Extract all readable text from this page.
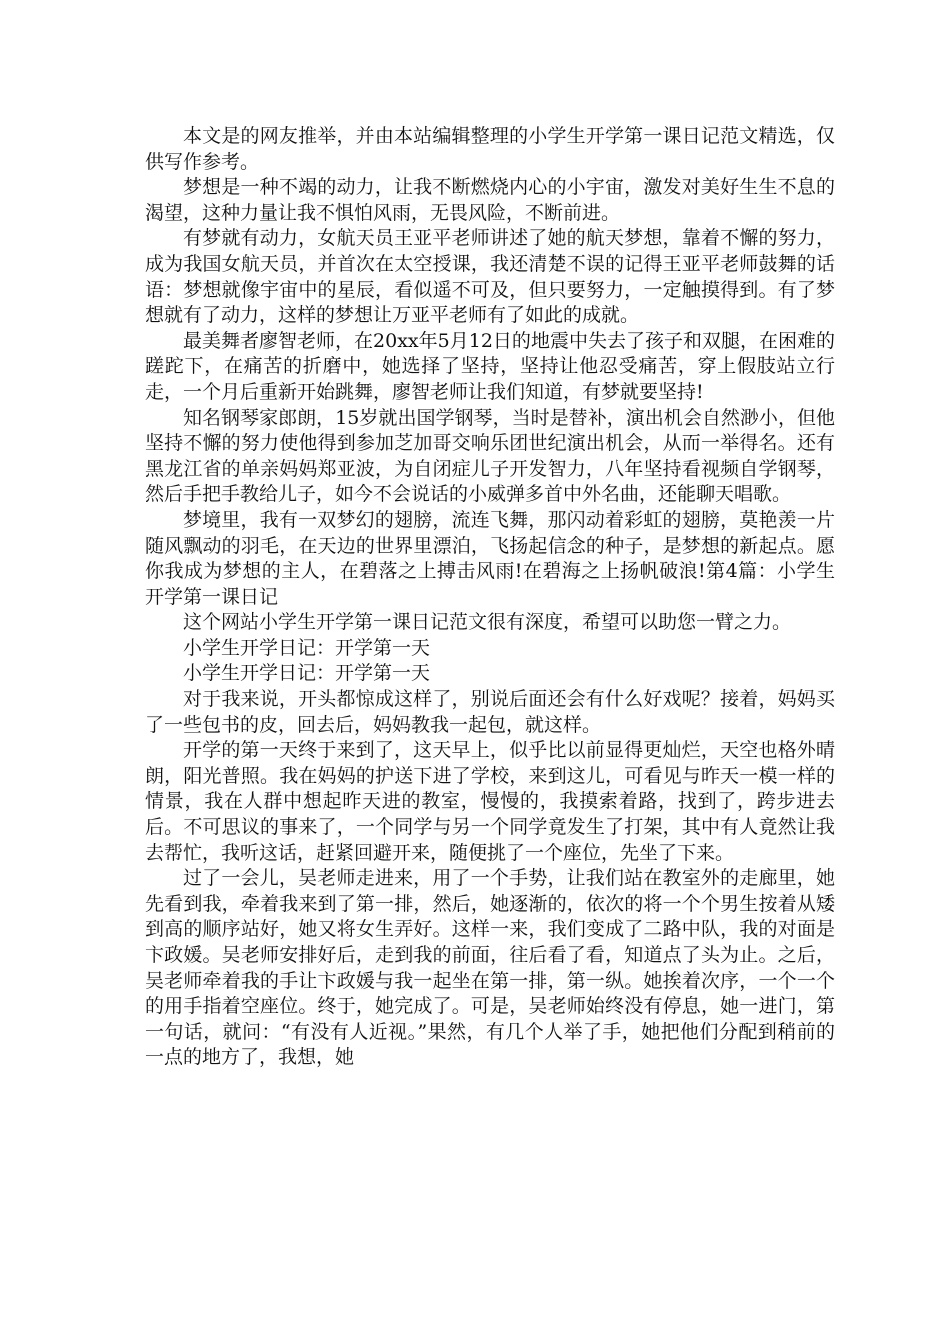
本文是的网友推举，并由本站编辑整理的小学生开学第一课日记范文精选，仅供写作参考。

梦想是一种不竭的动力，让我不断燃烧内心的小宇宙，激发对美好生生不息的渴望，这种力量让我不惧怕风雨，无畏风险，不断前进。

有梦就有动力，女航天员王亚平老师讲述了她的航天梦想，靠着不懈的努力，成为我国女航天员，并首次在太空授课，我还清楚不误的记得王亚平老师鼓舞的话语：梦想就像宇宙中的星辰，看似遥不可及，但只要努力，一定触摸得到。有了梦想就有了动力，这样的梦想让万亚平老师有了如此的成就。

最美舞者廖智老师，在20xx年5月12日的地震中失去了孩子和双腿，在困难的蹉跎下，在痛苦的折磨中，她选择了坚持，坚持让他忍受痛苦，穿上假肢站立行走，一个月后重新开始跳舞，廖智老师让我们知道，有梦就要坚持!

知名钢琴家郎朗，15岁就出国学钢琴，当时是替补，演出机会自然渺小，但他坚持不懈的努力使他得到参加芝加哥交响乐团世纪演出机会，从而一举得名。还有黑龙江省的单亲妈妈郑亚波，为自闭症儿子开发智力，八年坚持看视频自学钢琴，然后手把手教给儿子，如今不会说话的小威弹多首中外名曲，还能聊天唱歌。

梦境里，我有一双梦幻的翅膀，流连飞舞，那闪动着彩虹的翅膀，莫艳羡一片随风飘动的羽毛，在天边的世界里漂泊，飞扬起信念的种子，是梦想的新起点。愿你我成为梦想的主人，在碧落之上搏击风雨!在碧海之上扬帆破浪!第4篇：小学生开学第一课日记

这个网站小学生开学第一课日记范文很有深度，希望可以助您一臂之力。

小学生开学日记：开学第一天

小学生开学日记：开学第一天

对于我来说，开头都惊成这样了，别说后面还会有什么好戏呢？接着，妈妈买了一些包书的皮，回去后，妈妈教我一起包，就这样。

开学的第一天终于来到了，这天早上，似乎比以前显得更灿烂，天空也格外晴朗，阳光普照。我在妈妈的护送下进了学校，来到这儿，可看见与昨天一模一样的情景，我在人群中想起昨天进的教室，慢慢的，我摸索着路，找到了，跨步进去后。不可思议的事来了，一个同学与另一个同学竟发生了打架，其中有人竟然让我去帮忙，我听这话，赶紧回避开来，随便挑了一个座位，先坐了下来。

过了一会儿，吴老师走进来，用了一个手势，让我们站在教室外的走廊里，她先看到我，牵着我来到了第一排，然后，她逐渐的，依次的将一个个男生按着从矮到高的顺序站好，她又将女生弄好。这样一来，我们变成了二路中队，我的对面是卞政媛。吴老师安排好后，走到我的前面，往后看了看，知道点了头为止。之后，吴老师牵着我的手让卞政媛与我一起坐在第一排，第一纵。她挨着次序，一个一个的用手指着空座位。终于，她完成了。可是，吴老师始终没有停息，她一进门，第一句话，就问：“有没有人近视。”果然，有几个人举了手，她把他们分配到稍前的一点的地方了，我想，她
